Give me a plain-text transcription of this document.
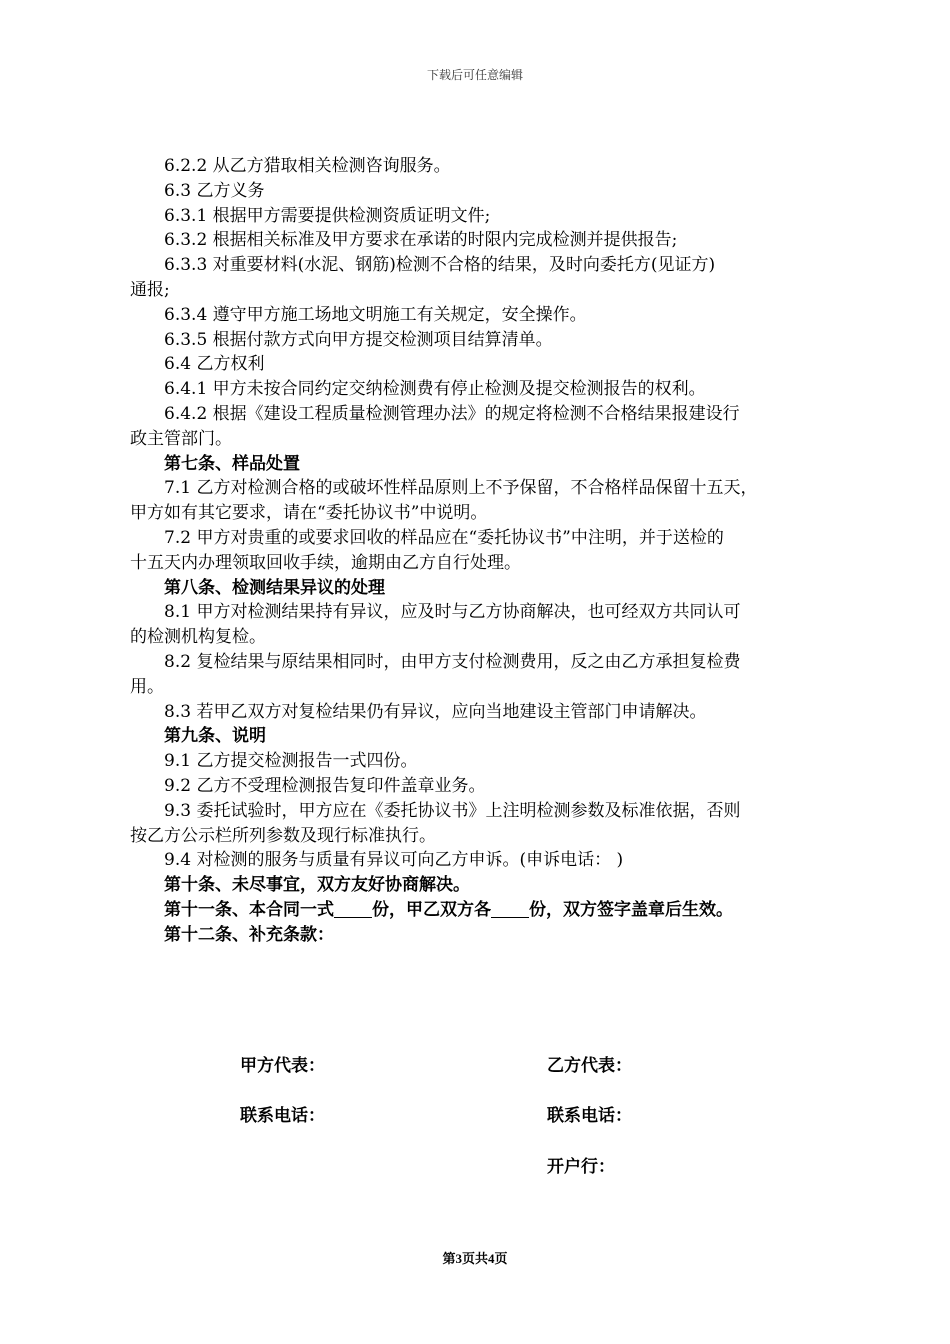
下载后可任意编辑
6.2.2 从乙方猎取相关检测咨询服务。
6.3 乙方义务
6.3.1 根据甲方需要提供检测资质证明文件;
6.3.2 根据相关标准及甲方要求在承诺的时限内完成检测并提供报告;
6.3.3 对重要材料(水泥、钢筋)检测不合格的结果，及时向委托方(见证方)
通报;
6.3.4 遵守甲方施工场地文明施工有关规定，安全操作。
6.3.5 根据付款方式向甲方提交检测项目结算清单。
6.4 乙方权利
6.4.1 甲方未按合同约定交纳检测费有停止检测及提交检测报告的权利。
6.4.2 根据《建设工程质量检测管理办法》的规定将检测不合格结果报建设行
政主管部门。
第七条、样品处置
7.1 乙方对检测合格的或破坏性样品原则上不予保留，不合格样品保留十五天，
甲方如有其它要求，请在“委托协议书”中说明。
7.2 甲方对贵重的或要求回收的样品应在“委托协议书”中注明，并于送检的
十五天内办理领取回收手续，逾期由乙方自行处理。
第八条、检测结果异议的处理
8.1 甲方对检测结果持有异议，应及时与乙方协商解决，也可经双方共同认可
的检测机构复检。
8.2 复检结果与原结果相同时，由甲方支付检测费用，反之由乙方承担复检费
用。
8.3 若甲乙双方对复检结果仍有异议，应向当地建设主管部门申请解决。
第九条、说明
9.1 乙方提交检测报告一式四份。
9.2 乙方不受理检测报告复印件盖章业务。
9.3 委托试验时，甲方应在《委托协议书》上注明检测参数及标准依据，否则
按乙方公示栏所列参数及现行标准执行。
9.4 对检测的服务与质量有异议可向乙方申诉。(申诉电话： )
第十条、未尽事宜，双方友好协商解决。
第十一条、本合同一式 份，甲乙双方各 份，双方签字盖章后生效。
第十二条、补充条款：
甲方代表：	乙方代表：
联系电话：	联系电话：
开户行：
第3页共4页
